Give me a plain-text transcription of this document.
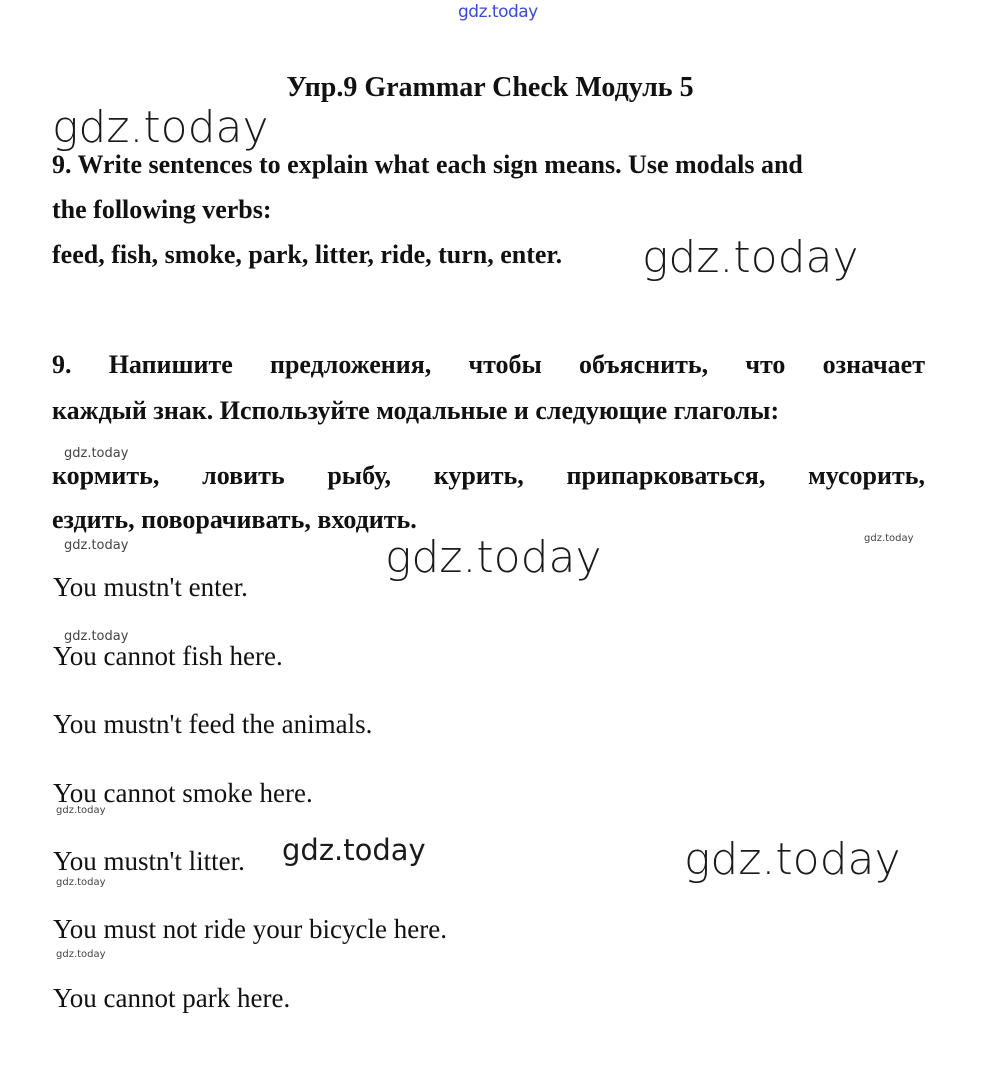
gdz.today
Упр.9 Grammar Check Модуль 5
gdz.today
9. Write sentences to explain what each sign means. Use modals and
the following verbs:
feed, fish, smoke, park, litter, ride, turn, enter. gdz.today
9. Напишите предложения, чтобы объяснить, что означает
каждый знак. Используйте модальные и следующие глаголы:
gdz.today
кормить, ловить рыбу, курить, припарковаться, мусорить,
ездить, поворачивать, входить.
gdz.today	gdz.today
gdz.today
You mustn't enter.
gdz.today
You cannot fish here.
You mustn't feed the animals.
You cannot smoke here.
gdz.today
You mustn't litter. gdz.today	gdz.today
gdz.today
You must not ride your bicycle here.
gdz.today
You cannot park here.
